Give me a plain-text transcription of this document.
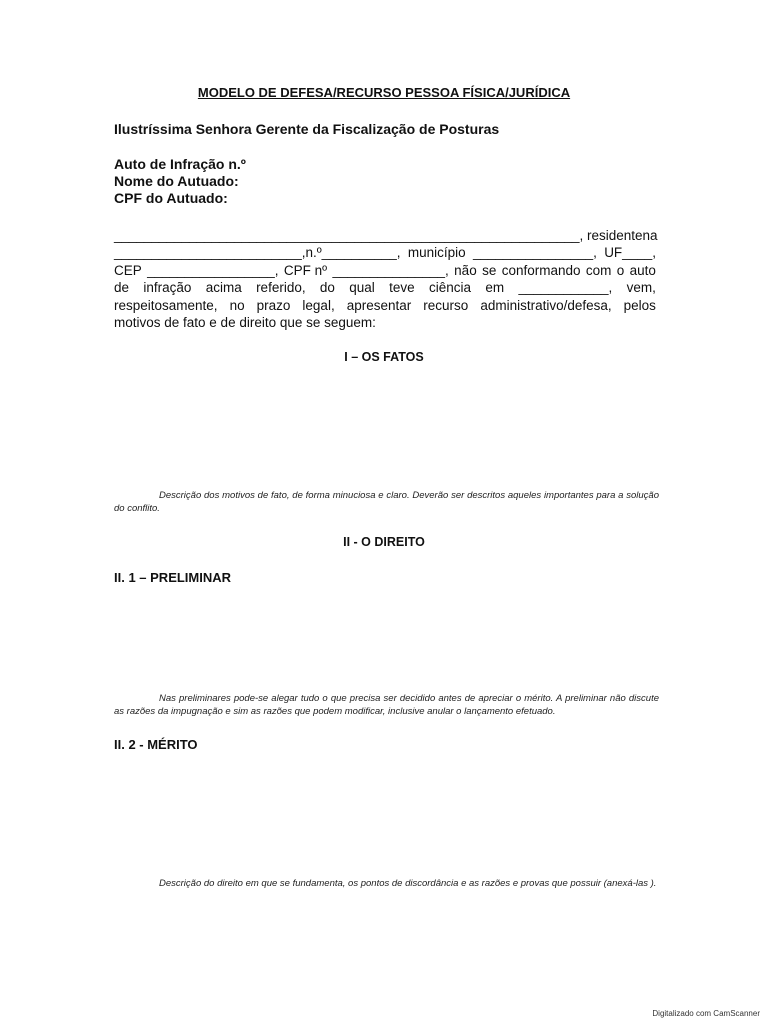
MODELO DE DEFESA/RECURSO PESSOA FÍSICA/JURÍDICA
Ilustríssima Senhora Gerente da Fiscalização de Posturas
Auto de Infração n.º
Nome do Autuado:
CPF do Autuado:
______________________________________________________________, residente na
_________________________,n.º__________, município ________________, UF____,
CEP _________________, CPF nº _______________, não se conformando com o auto
de infração acima referido, do qual teve ciência em ____________, vem,
respeitosamente, no prazo legal, apresentar recurso administrativo/defesa, pelos
motivos de fato e de direito que se seguem:
I – OS FATOS
Descrição dos motivos de fato, de forma minuciosa e claro. Deverão ser descritos aqueles importantes para a solução do conflito.
II - O DIREITO
II. 1 – PRELIMINAR
Nas preliminares pode-se alegar tudo o que precisa ser decidido antes de apreciar o mérito. A preliminar não discute as razões da impugnação e sim as razões que podem modificar, inclusive anular o lançamento efetuado.
II. 2 - MÉRITO
Descrição do direito em que se fundamenta, os pontos de discordância e as razões e provas que possuir (anexá-las ).
Digitalizado com CamScanner
